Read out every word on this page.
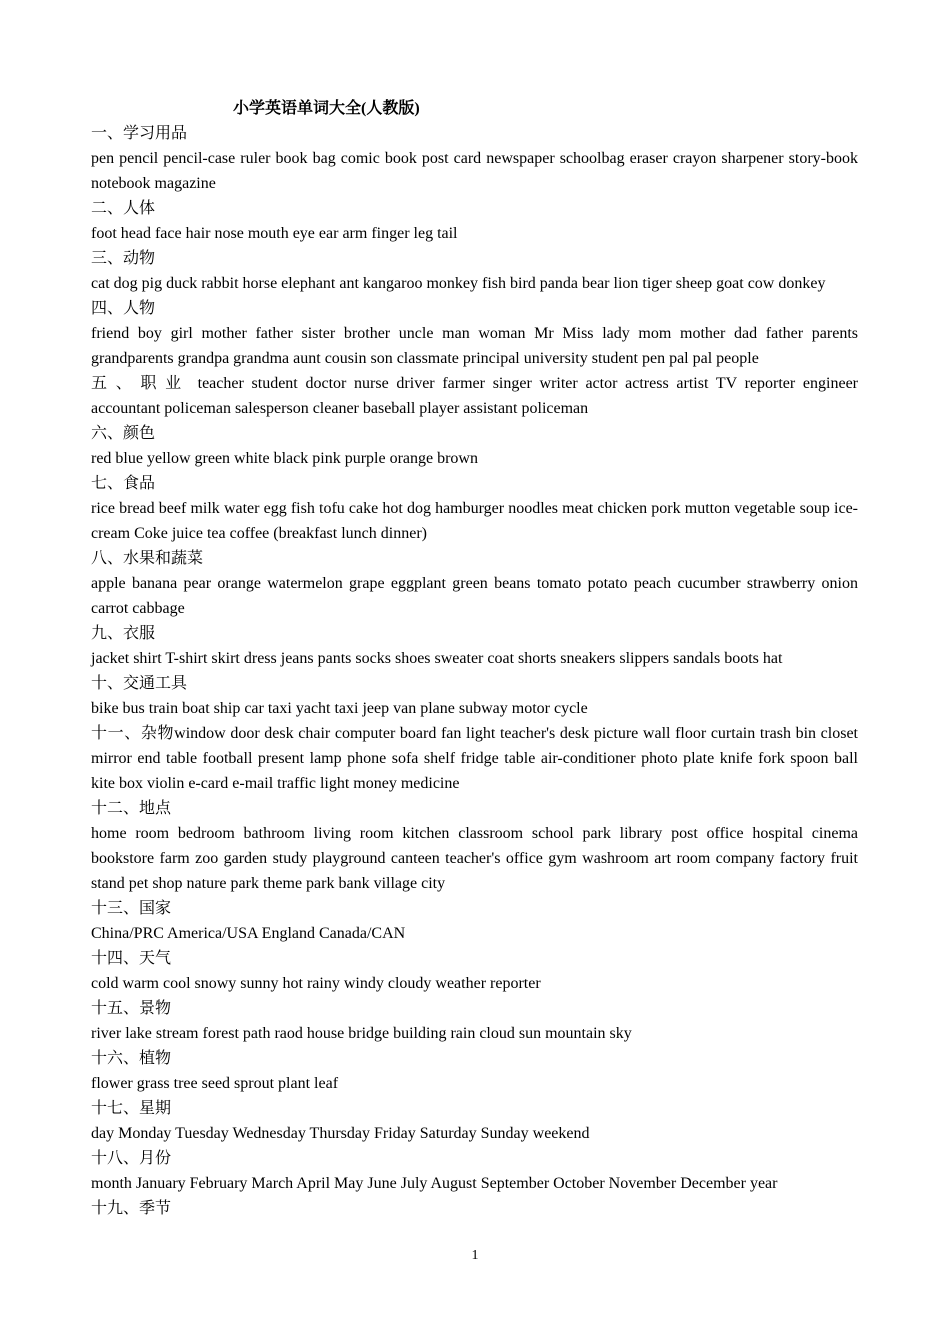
小学英语单词大全(人教版)
一、学习用品
pen pencil pencil-case ruler book bag comic book post card newspaper schoolbag eraser crayon sharpener story-book notebook magazine
二、人体
foot head face hair nose mouth eye ear arm finger leg tail
三、动物
cat dog pig duck rabbit horse elephant ant kangaroo monkey fish bird panda bear lion tiger sheep goat cow donkey
四、人物
friend boy girl mother father sister brother uncle man woman Mr Miss lady mom mother dad father parents grandparents grandpa grandma aunt cousin son classmate principal university student pen pal pal people
五、职业 teacher student doctor nurse driver farmer singer writer actor actress artist TV reporter engineer accountant policeman salesperson cleaner baseball player assistant policeman
六、颜色
red blue yellow green white black pink purple orange brown
七、食品
rice bread beef milk water egg fish tofu cake hot dog hamburger noodles meat chicken pork mutton vegetable soup ice-cream Coke juice tea coffee (breakfast lunch dinner)
八、水果和蔬菜
apple banana pear orange watermelon grape eggplant green beans tomato potato peach cucumber strawberry onion carrot cabbage
九、衣服
jacket shirt T-shirt skirt dress jeans pants socks shoes sweater coat shorts sneakers slippers sandals boots hat
十、交通工具
bike bus train boat ship car taxi yacht taxi jeep van plane subway motor cycle
十一、杂物window door desk chair computer board fan light teacher's desk picture wall floor curtain trash bin closet mirror end table football present lamp phone sofa shelf fridge table air-conditioner photo plate knife fork spoon ball kite box violin e-card e-mail traffic light money medicine
十二、地点
home room bedroom bathroom living room kitchen classroom school park library post office hospital cinema bookstore farm zoo garden study playground canteen teacher's office gym washroom art room company factory fruit stand pet shop nature park theme park bank village city
十三、国家
China/PRC America/USA England Canada/CAN
十四、天气
cold warm cool snowy sunny hot rainy windy cloudy weather reporter
十五、景物
river lake stream forest path raod house bridge building rain cloud sun mountain sky
十六、植物
flower grass tree seed sprout plant leaf
十七、星期
day Monday Tuesday Wednesday Thursday Friday Saturday Sunday weekend
十八、月份
month January February March April May June July August September October November December year
十九、季节
1
